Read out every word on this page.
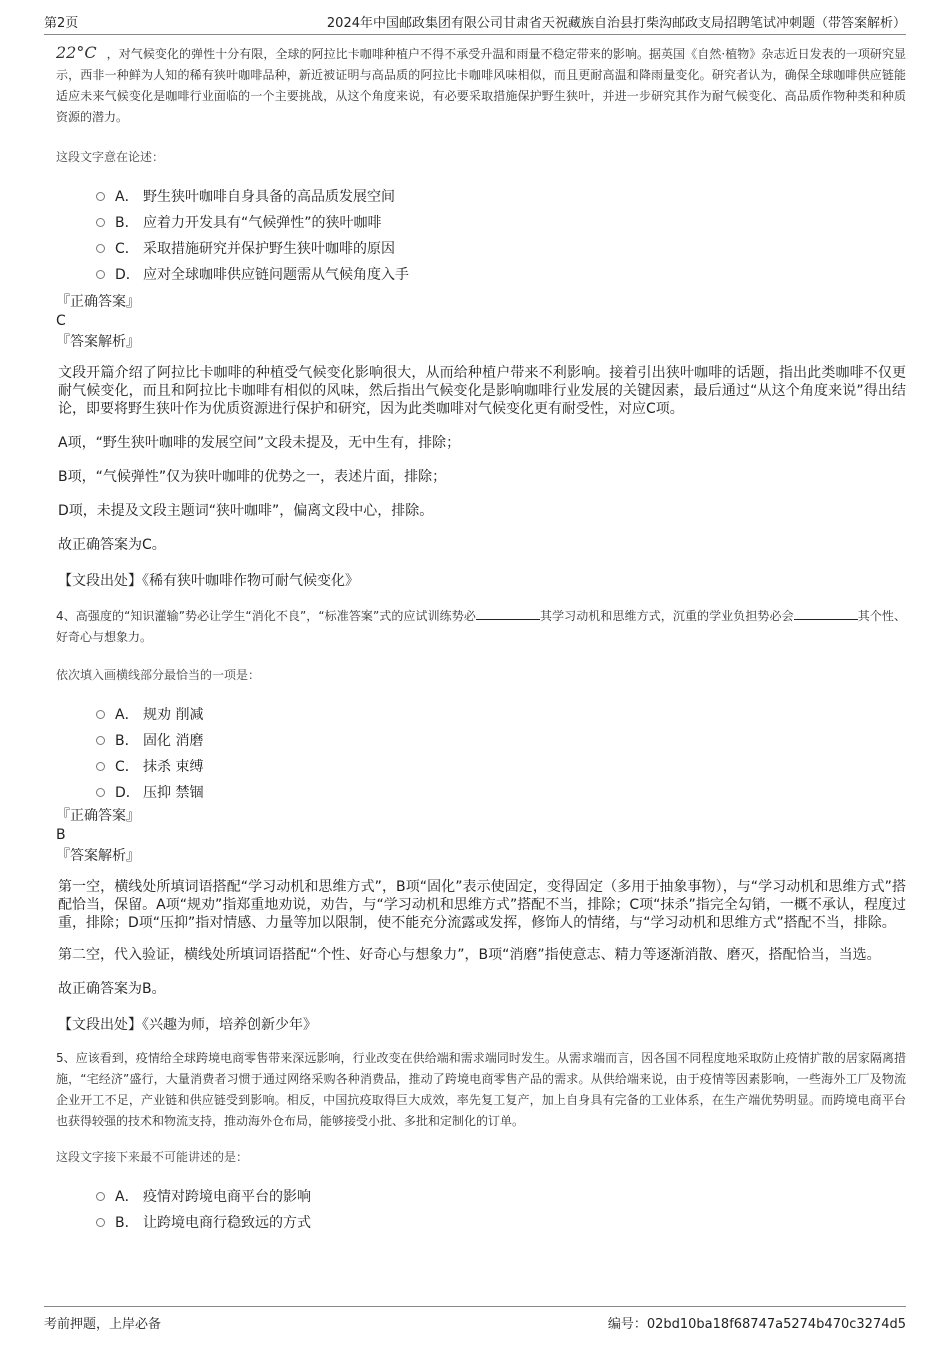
第2页	2024年中国邮政集团有限公司甘肃省天祝藏族自治县打柴沟邮政支局招聘笔试冲刺题（带答案解析）

22°C ，对气候变化的弹性十分有限，全球的阿拉比卡咖啡种植户不得不承受升温和雨量不稳定带来的影响。据英国《自然·植物》杂志近日发表的一项研究显示，西非一种鲜为人知的稀有狭叶咖啡品种，新近被证明与高品质的阿拉比卡咖啡风味相似，而且更耐高温和降雨量变化。研究者认为，确保全球咖啡供应链能适应未来气候变化是咖啡行业面临的一个主要挑战，从这个角度来说，有必要采取措施保护野生狭叶，并进一步研究其作为耐气候变化、高品质作物种类和种质资源的潜力。

这段文字意在论述：
A． 野生狭叶咖啡自身具备的高品质发展空间
B． 应着力开发具有“气候弹性”的狭叶咖啡
C． 采取措施研究并保护野生狭叶咖啡的原因
D． 应对全球咖啡供应链问题需从气候角度入手
『正确答案』
C
『答案解析』

文段开篇介绍了阿拉比卡咖啡的种植受气候变化影响很大，从而给种植户带来不利影响。接着引出狭叶咖啡的话题，指出此类咖啡不仅更耐气候变化，而且和阿拉比卡咖啡有相似的风味，然后指出气候变化是影响咖啡行业发展的关键因素，最后通过“从这个角度来说”得出结论，即要将野生狭叶作为优质资源进行保护和研究，因为此类咖啡对气候变化更有耐受性，对应C项。

A项，“野生狭叶咖啡的发展空间”文段未提及，无中生有，排除；

B项，“气候弹性”仅为狭叶咖啡的优势之一，表述片面，排除；

D项，未提及文段主题词“狭叶咖啡”，偏离文段中心，排除。

故正确答案为C。

【文段出处】《稀有狭叶咖啡作物可耐气候变化》

4、高强度的“知识灌输”势必让学生“消化不良”，“标准答案”式的应试训练势必	其学习动机和思维方式，沉重的学业负担势必会	其个性、好奇心与想象力。

依次填入画横线部分最恰当的一项是：
A． 规劝 削减
B． 固化 消磨
C． 抹杀 束缚
D． 压抑 禁锢
『正确答案』
B
『答案解析』

第一空，横线处所填词语搭配“学习动机和思维方式”，B项“固化”表示使固定，变得固定（多用于抽象事物），与“学习动机和思维方式”搭配恰当，保留。A项“规劝”指郑重地劝说，劝告，与“学习动机和思维方式”搭配不当，排除；C项“抹杀”指完全勾销，一概不承认，程度过重，排除；D项“压抑”指对情感、力量等加以限制，使不能充分流露或发挥，修饰人的情绪，与“学习动机和思维方式”搭配不当，排除。

第二空，代入验证，横线处所填词语搭配“个性、好奇心与想象力”，B项“消磨”指使意志、精力等逐渐消散、磨灭，搭配恰当，当选。

故正确答案为B。

【文段出处】《兴趣为师，培养创新少年》

5、应该看到，疫情给全球跨境电商零售带来深远影响，行业改变在供给端和需求端同时发生。从需求端而言，因各国不同程度地采取防止疫情扩散的居家隔离措施，“宅经济”盛行，大量消费者习惯于通过网络采购各种消费品，推动了跨境电商零售产品的需求。从供给端来说，由于疫情等因素影响，一些海外工厂及物流企业开工不足，产业链和供应链受到影响。相反，中国抗疫取得巨大成效，率先复工复产，加上自身具有完备的工业体系，在生产端优势明显。而跨境电商平台也获得较强的技术和物流支持，推动海外仓布局，能够接受小批、多批和定制化的订单。

这段文字接下来最不可能讲述的是：
A． 疫情对跨境电商平台的影响
B． 让跨境电商行稳致远的方式
考前押题，上岸必备	编号：02bd10ba18f68747a5274b470c3274d5
